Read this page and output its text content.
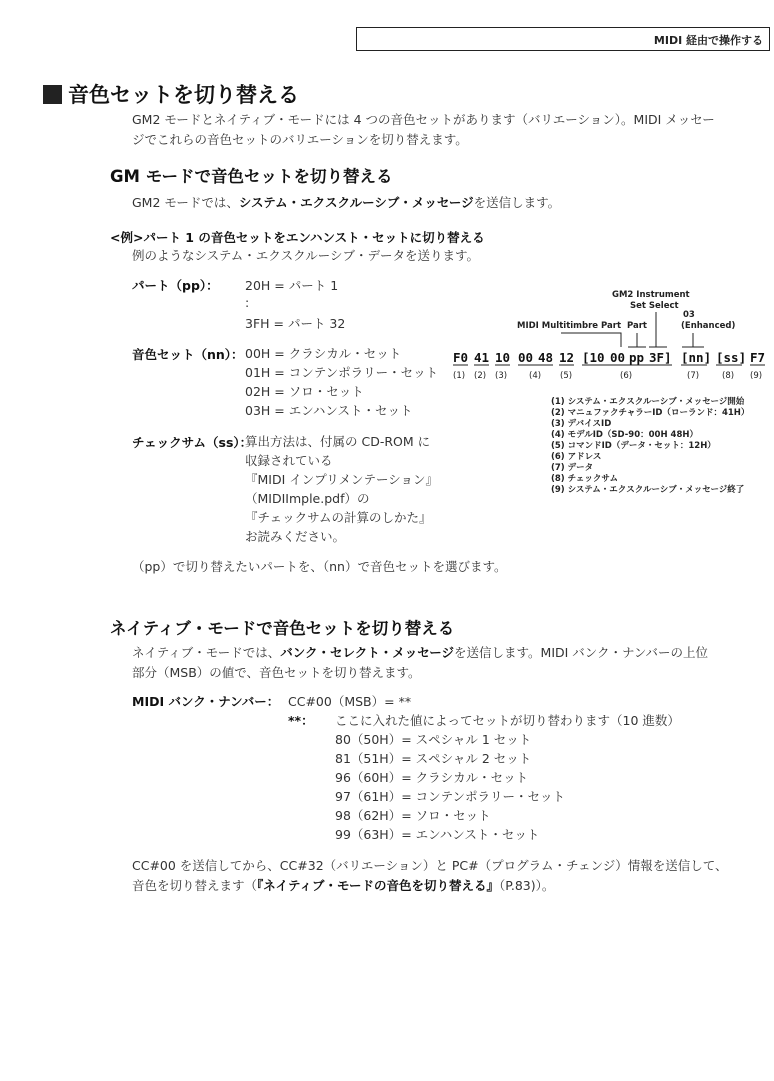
MIDI 経由で操作する
音色セットを切り替える
GM2 モードとネイティブ・モードには 4 つの音色セットがあります（バリエーション）。MIDI メッセー
ジでこれらの音色セットのバリエーションを切り替えます。
GM モードで音色セットを切り替える
GM2 モードでは、システム・エクスクルーシブ・メッセージを送信します。
<例>パート 1 の音色セットをエンハンスト・セットに切り替える
例のようなシステム・エクスクルーシブ・データを送ります。
パート（pp）： 20H = パート 1
:
3FH = パート 32
音色セット（nn）： 00H = クラシカル・セット
01H = コンテンポラリー・セット
02H = ソロ・セット
03H = エンハンスト・セット
チェックサム（ss）：
算出方法は、付属の CD-ROM に
収録されている
『MIDI インプリメンテーション』
（MIDIImple.pdf）の
『チェックサムの計算のしかた』
お読みください。
（pp）で切り替えたいパートを、（nn）で音色セットを選びます。
GM2 Instrument
Set Select
03
MIDI Multitimbre Part Part	(Enhanced)
F0 41 10 00 48 12 [10 00 pp 3F] [nn] [ss] F7
(1) (2) (3)	(4) (5)	(6)	(7)	(8) (9)
(1) システム・エクスクルーシブ・メッセージ開始
(2) マニュファクチャラーID（ローランド：41H）
(3) デバイスID
(4) モデルID（SD-90：00H 48H）
(5) コマンドID（データ・セット：12H）
(6) アドレス
(7) データ
(8) チェックサム
(9) システム・エクスクルーシブ・メッセージ終了
ネイティブ・モードで音色セットを切り替える
ネイティブ・モードでは、バンク・セレクト・メッセージを送信します。MIDI バンク・ナンバーの上位
部分（MSB）の値で、音色セットを切り替えます。
MIDI バンク・ナンバー： CC#00（MSB）= **
**： ここに入れた値によってセットが切り替わります（10 進数）
80（50H）= スペシャル 1 セット
81（51H）= スペシャル 2 セット
96（60H）= クラシカル・セット
97（61H）= コンテンポラリー・セット
98（62H）= ソロ・セット
99（63H）= エンハンスト・セット
CC#00 を送信してから、CC#32（バリエーション）と PC#（プログラム・チェンジ）情報を送信して、
音色を切り替えます（『ネイティブ・モードの音色を切り替える』（P.83)）。
